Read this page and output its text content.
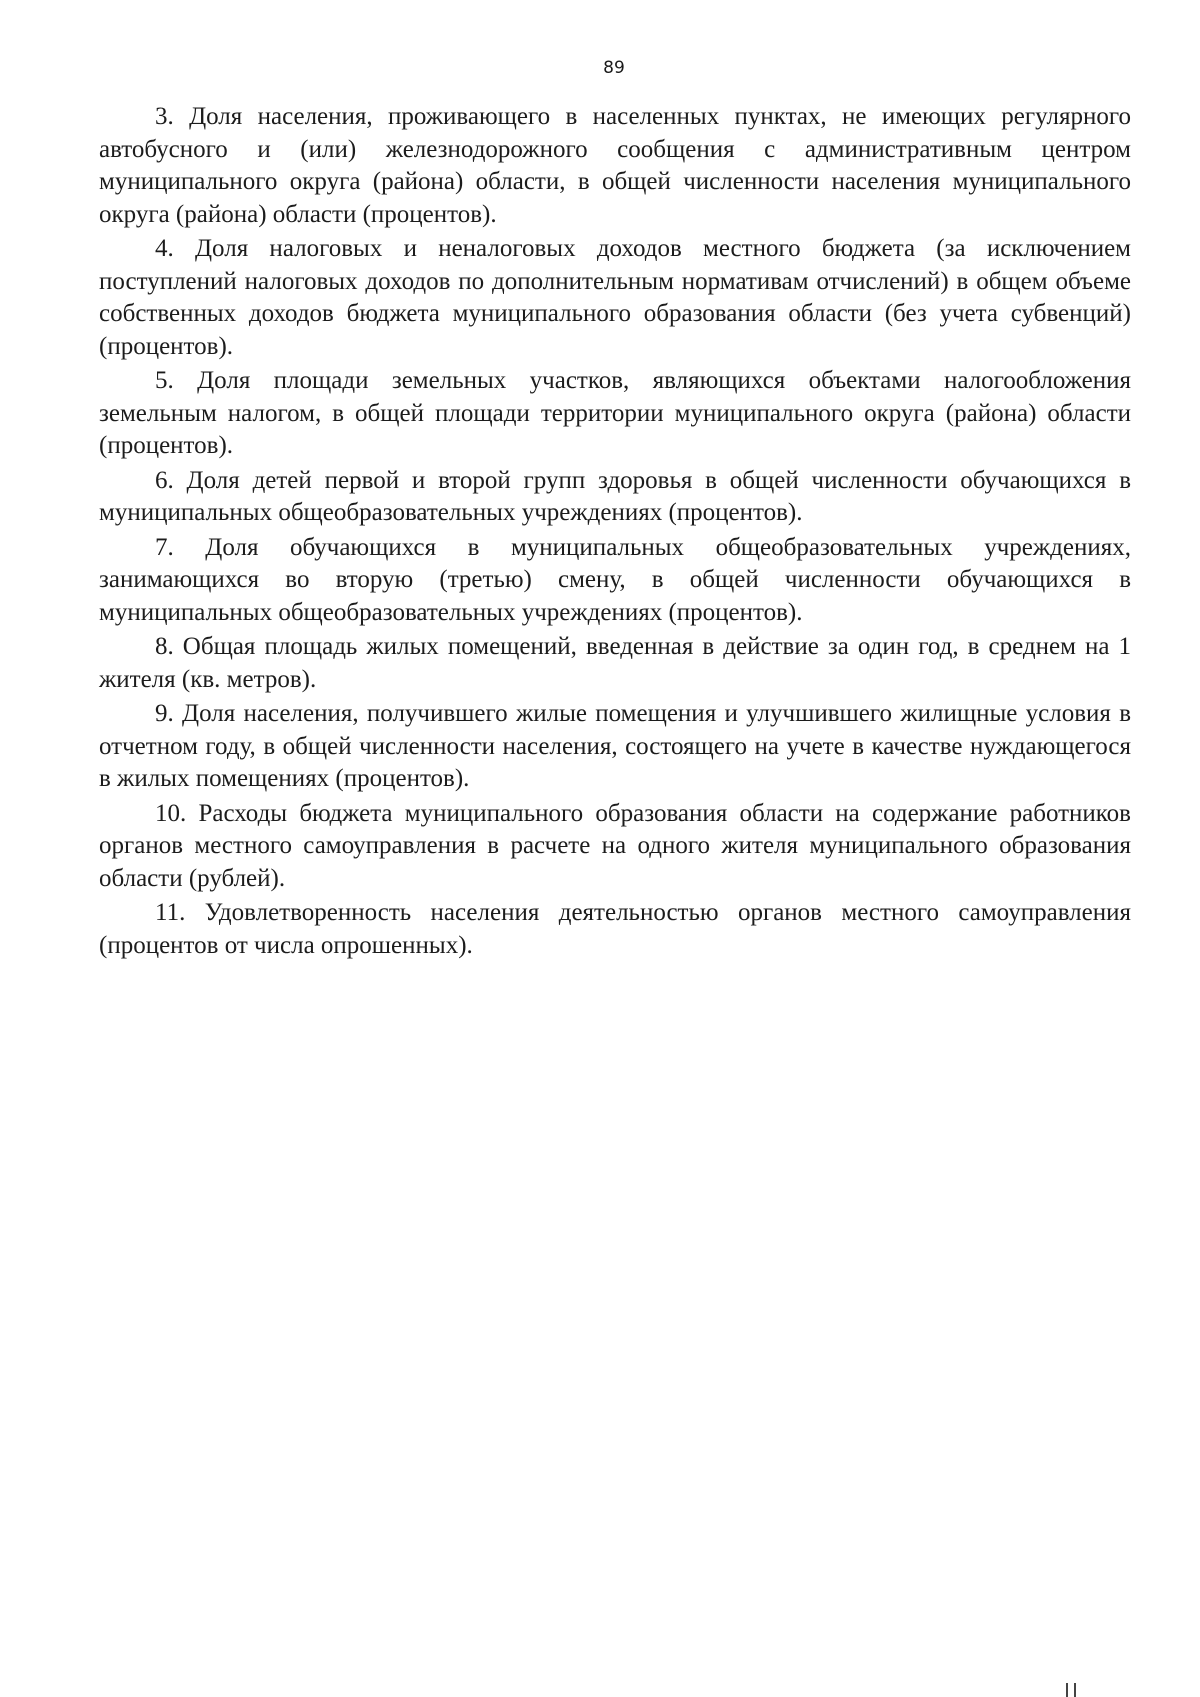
89

3. Доля населения, проживающего в населенных пунктах, не имеющих регулярного автобусного и (или) железнодорожного сообщения с административным центром муниципального округа (района) области, в общей численности населения муниципального округа (района) области (процентов).

4. Доля налоговых и неналоговых доходов местного бюджета (за исключением поступлений налоговых доходов по дополнительным нормативам отчислений) в общем объеме собственных доходов бюджета муниципального образования области (без учета субвенций) (процентов).

5. Доля площади земельных участков, являющихся объектами налогообложения земельным налогом, в общей площади территории муниципального округа (района) области (процентов).

6. Доля детей первой и второй групп здоровья в общей численности обучающихся в муниципальных общеобразовательных учреждениях (процентов).

7. Доля обучающихся в муниципальных общеобразовательных учреждениях, занимающихся во вторую (третью) смену, в общей численности обучающихся в муниципальных общеобразовательных учреждениях (процентов).

8. Общая площадь жилых помещений, введенная в действие за один год, в среднем на 1 жителя (кв. метров).

9. Доля населения, получившего жилые помещения и улучшившего жилищные условия в отчетном году, в общей численности населения, состоящего на учете в качестве нуждающегося в жилых помещениях (процентов).

10. Расходы бюджета муниципального образования области на содержание работников органов местного самоуправления в расчете на одного жителя муниципального образования области (рублей).

11. Удовлетворенность населения деятельностью органов местного самоуправления (процентов от числа опрошенных).
